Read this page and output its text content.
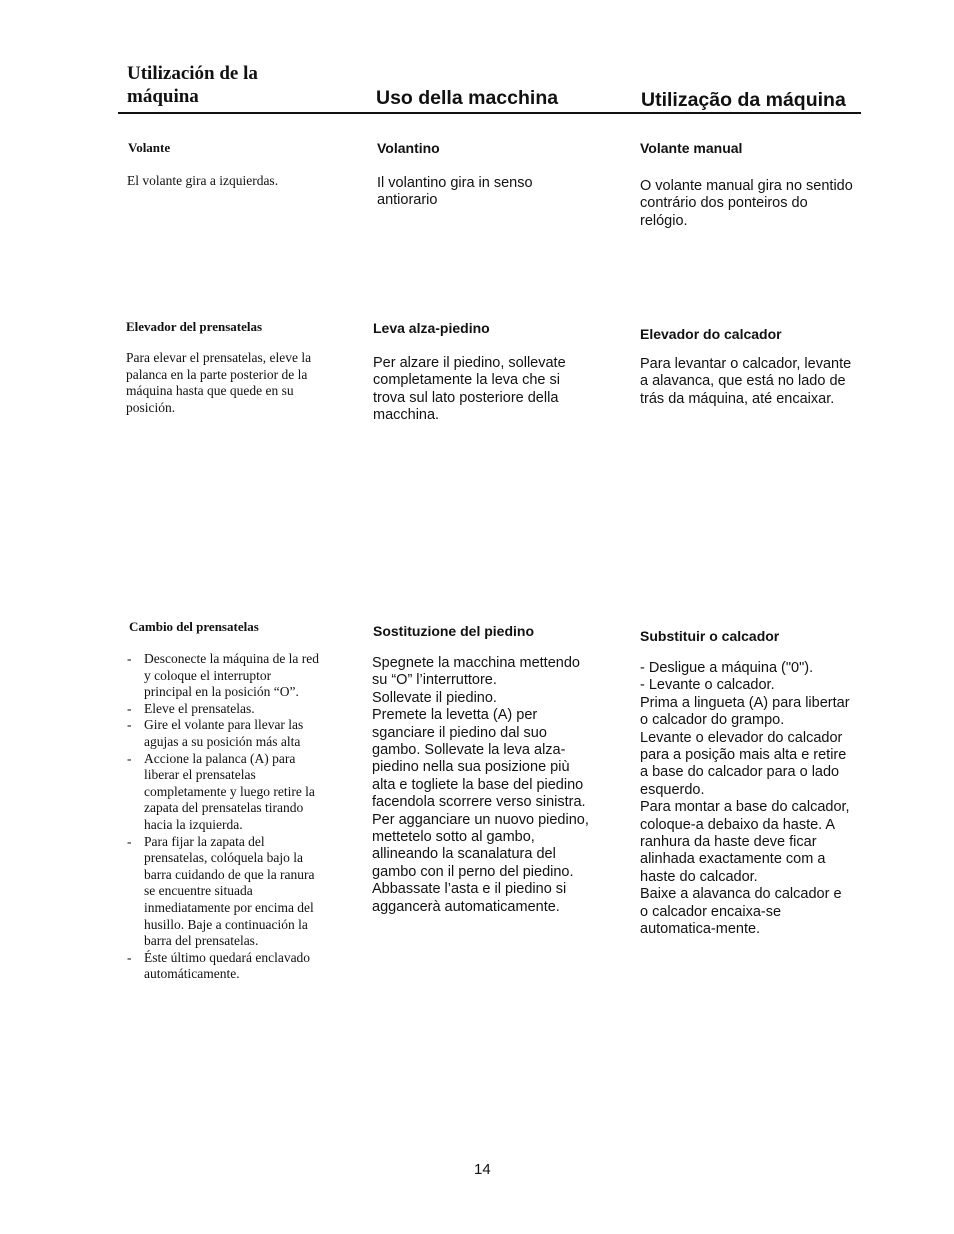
Utilización de la
máquina	Uso della macchina	Utilização da máquina
Volante
El volante gira a izquierdas.
Volantino
Il volantino gira in senso
antiorario
Volante manual
O volante manual gira no sentido
contrário dos ponteiros do
relógio.
Elevador del prensatelas
Para elevar el prensatelas, eleve la
palanca en la parte posterior de la
máquina hasta que quede en su
posición.
Leva alza-piedino
Per alzare il piedino, sollevate
completamente la leva che si
trova sul lato posteriore della
macchina.
Elevador do calcador
Para levantar o calcador, levante
a alavanca, que está no lado de
trás da máquina, até encaixar.
Cambio del prensatelas
- Desconecte la máquina de la red
y coloque el interruptor
principal en la posición “O”.
- Eleve el prensatelas.
- Gire el volante para llevar las
agujas a su posición más alta
- Accione la palanca (A) para
liberar el prensatelas
completamente y luego retire la
zapata del prensatelas tirando
hacia la izquierda.
- Para fijar la zapata del
prensatelas, colóquela bajo la
barra cuidando de que la ranura
se encuentre situada
inmediatamente por encima del
husillo. Baje a continuación la
barra del prensatelas.
- Éste último quedará enclavado
automáticamente.
Sostituzione del piedino
Spegnete la macchina mettendo
su “O” l’interruttore.
Sollevate il piedino.
Premete la levetta (A) per
sganciare il piedino dal suo
gambo. Sollevate la leva alza-
piedino nella sua posizione più
alta e togliete la base del piedino
facendola scorrere verso sinistra.
Per agganciare un nuovo piedino,
mettetelo sotto al gambo,
allineando la scanalatura del
gambo con il perno del piedino.
Abbassate l’asta e il piedino si
aggancerà automaticamente.
Substituir o calcador
- Desligue a máquina ("0").
- Levante o calcador.
Prima a lingueta (A) para libertar
o calcador do grampo.
Levante o elevador do calcador
para a posição mais alta e retire
a base do calcador para o lado
esquerdo.
Para montar a base do calcador,
coloque-a debaixo da haste. A
ranhura da haste deve ficar
alinhada exactamente com a
haste do calcador.
Baixe a alavanca do calcador e
o calcador encaixa-se
automatica-mente.
14
